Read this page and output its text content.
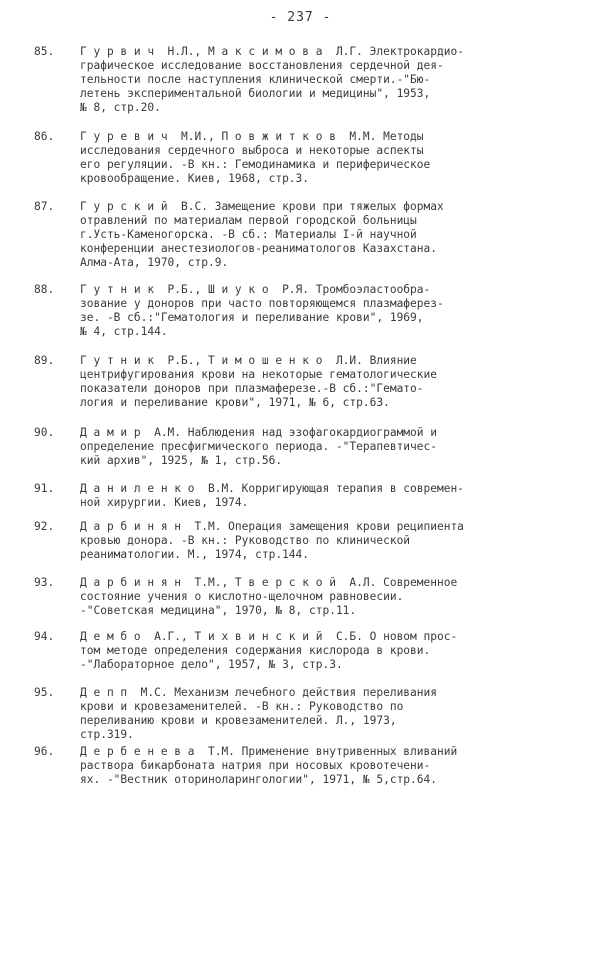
- 237 -
85.	Г у р в и ч  Н.Л., М а к с и м о в а  Л.Г. Электрокардио-
графическое исследование восстановления сердечной дея-
тельности после наступления клинической смерти.-"Бю-
летень экспериментальной биологии и медицины", 1953,
№ 8, стр.20.
86.	Г у р е в и ч  М.И., П о в ж и т к о в  М.М. Методы
исследования сердечного выброса и некоторые аспекты
его регуляции. -В кн.: Гемодинамика и периферическое
кровообращение. Киев, 1968, стр.3.
87.	Г у р с к и й  В.С. Замещение крови при тяжелых формах
отравлений по материалам первой городской больницы
г.Усть-Каменогорска. -В сб.: Материалы I-й научной
конференции анестезиологов-реаниматологов Казахстана.
Алма-Ата, 1970, стр.9.
88.	Г у т н и к  Р.Б., Ш и у к о  Р.Я. Тромбоэластообра-
зование у доноров при часто повторяющемся плазмаферез-
зе. -В сб.:"Гематология и переливание крови", 1969,
№ 4, стр.144.
89.	Г у т н и к  Р.Б., Т и м о ш е н к о  Л.И. Влияние
центрифугирования крови на некоторые гематологические
показатели доноров при плазмаферезе.-В сб.:"Гемато-
логия и переливание крови", 1971, № 6, стр.63.
90.	Д а м и р  А.М. Наблюдения над эзофагокардиограммой и
определение пресфигмического периода. -"Терапевтичес-
кий архив", 1925, № 1, стр.56.
91.	Д а н и л е н к о  В.М. Корригирующая терапия в современ-
ной хирургии. Киев, 1974.
92.	Д а р б и н я н  Т.М. Операция замещения крови реципиента
кровью донора. -В кн.: Руководство по клинической
реаниматологии. М., 1974, стр.144.
93.	Д а р б и н я н  Т.М., Т в е р с к о й  А.Л. Современное
состояние учения о кислотно-щелочном равновесии.
-"Советская медицина", 1970, № 8, стр.11.
94.	Д е м б о  А.Г., Т и х в и н с к и й  С.Б. О новом прос-
том методе определения содержания кислорода в крови.
-"Лабораторное дело", 1957, № 3, стр.3.
95.	Д е п п  М.С. Механизм лечебного действия переливания
крови и кровезаменителей. -В кн.: Руководство по
переливанию крови и кровезаменителей. Л., 1973,
стр.319.
96.	Д е р б е н е в а  Т.М. Применение внутривенных вливаний
раствора бикарбоната натрия при носовых кровотечени-
ях. -"Вестник оториноларингологии", 1971, № 5,стр.64.
